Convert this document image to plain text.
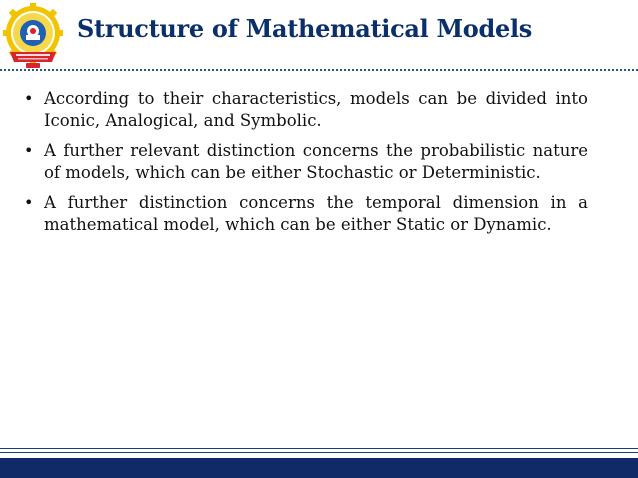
Structure of Mathematical Models
• According to their characteristics, models can be divided into Iconic, Analogical, and Symbolic.
• A further relevant distinction concerns the probabilistic nature of models, which can be either Stochastic or Deterministic.
• A further distinction concerns the temporal dimension in a mathematical model, which can be either Static or Dynamic.
